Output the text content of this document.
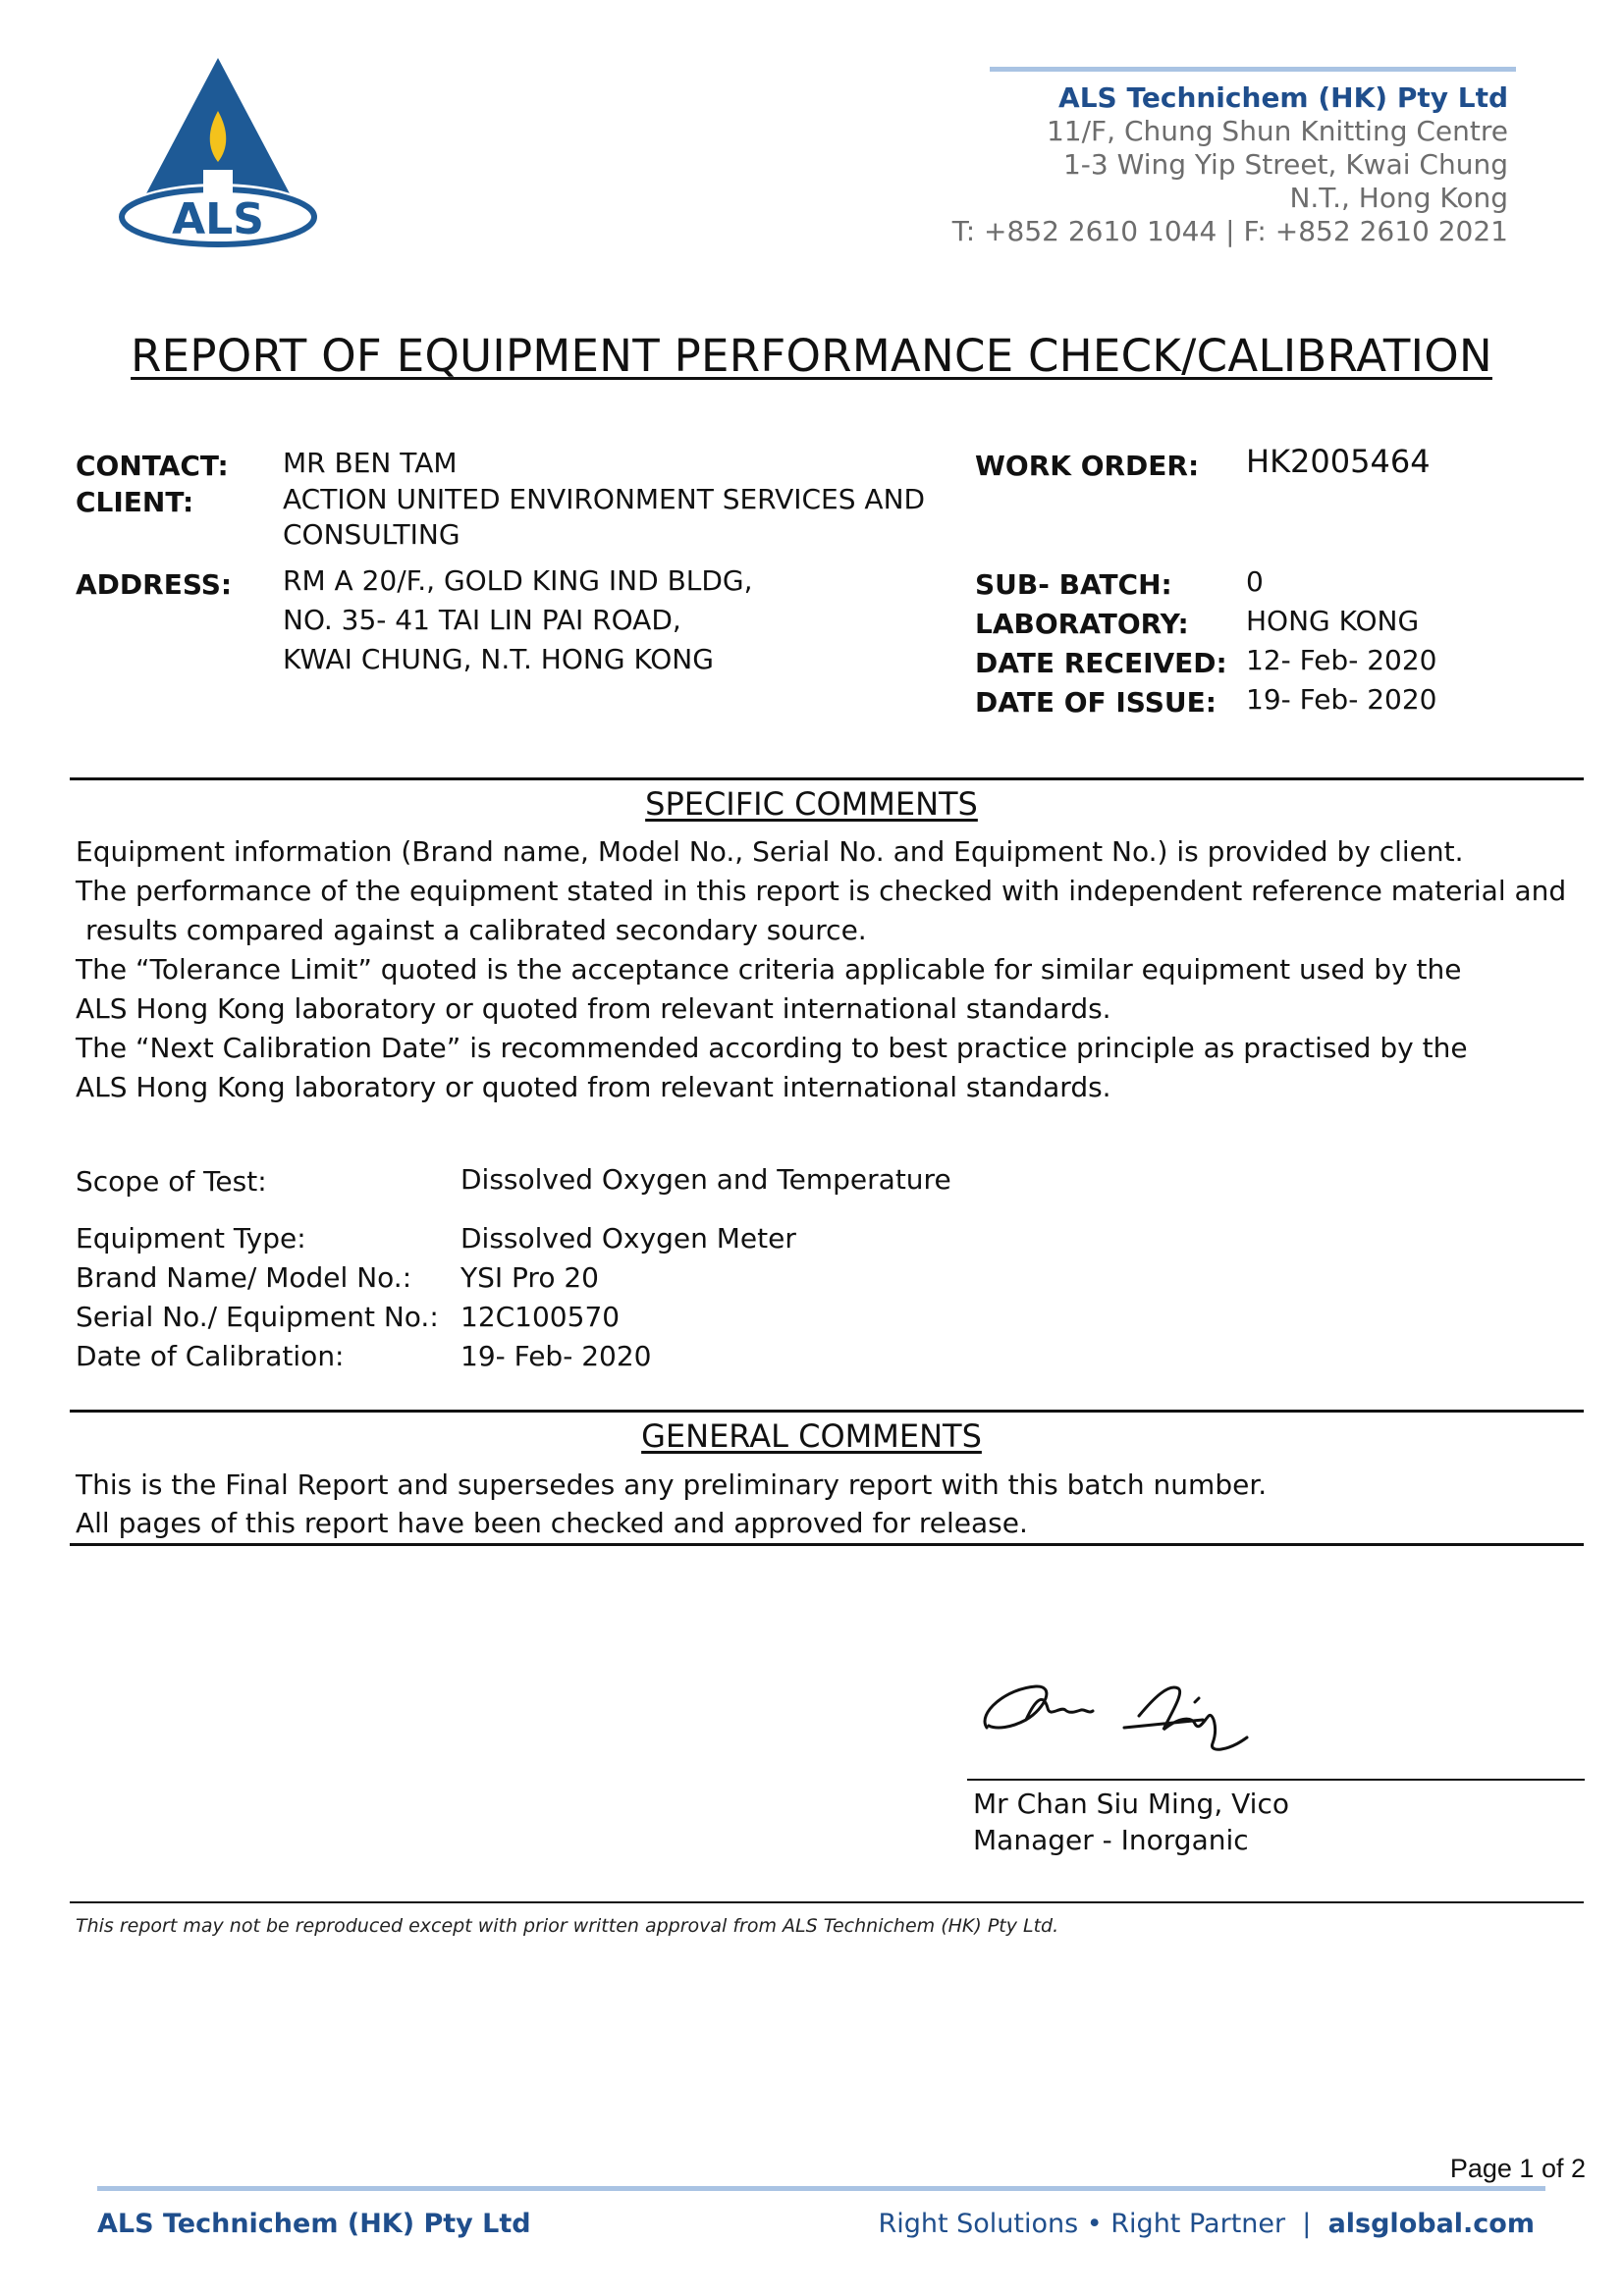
ALS
ALS Technichem (HK) Pty Ltd
11/F, Chung Shun Knitting Centre
1-3 Wing Yip Street, Kwai Chung
N.T., Hong Kong
T: +852 2610 1044 | F: +852 2610 2021
REPORT OF EQUIPMENT PERFORMANCE CHECK/CALIBRATION
CONTACT: MR BEN TAM
CLIENT:	ACTION UNITED ENVIRONMENT SERVICES AND
CONSULTING
ADDRESS: RM A 20/F., GOLD KING IND BLDG,
NO. 35- 41 TAI LIN PAI ROAD,
KWAI CHUNG, N.T. HONG KONG
WORK ORDER: HK2005464
SUB- BATCH:	0
LABORATORY: HONG KONG
DATE RECEIVED: 12- Feb- 2020
DATE OF ISSUE: 19- Feb- 2020
SPECIFIC COMMENTS

Equipment information (Brand name, Model No., Serial No. and Equipment No.) is provided by client.

The performance of the equipment stated in this report is checked with independent reference material and

results compared against a calibrated secondary source.

The “Tolerance Limit” quoted is the acceptance criteria applicable for similar equipment used by the

ALS Hong Kong laboratory or quoted from relevant international standards.

The “Next Calibration Date” is recommended according to best practice principle as practised by the

ALS Hong Kong laboratory or quoted from relevant international standards.

Scope of Test:	Dissolved Oxygen and Temperature
Equipment Type:	Dissolved Oxygen Meter
Brand Name/ Model No.: YSI Pro 20
Serial No./ Equipment No.: 12C100570
Date of Calibration:	19- Feb- 2020
GENERAL COMMENTS

This is the Final Report and supersedes any preliminary report with this batch number.

All pages of this report have been checked and approved for release.

Mr Chan Siu Ming, Vico
Manager - Inorganic
This report may not be reproduced except with prior written approval from ALS Technichem (HK) Pty Ltd.
Page 1 of 2
ALS Technichem (HK) Pty Ltd	Right Solutions • Right Partner  |  alsglobal.com
